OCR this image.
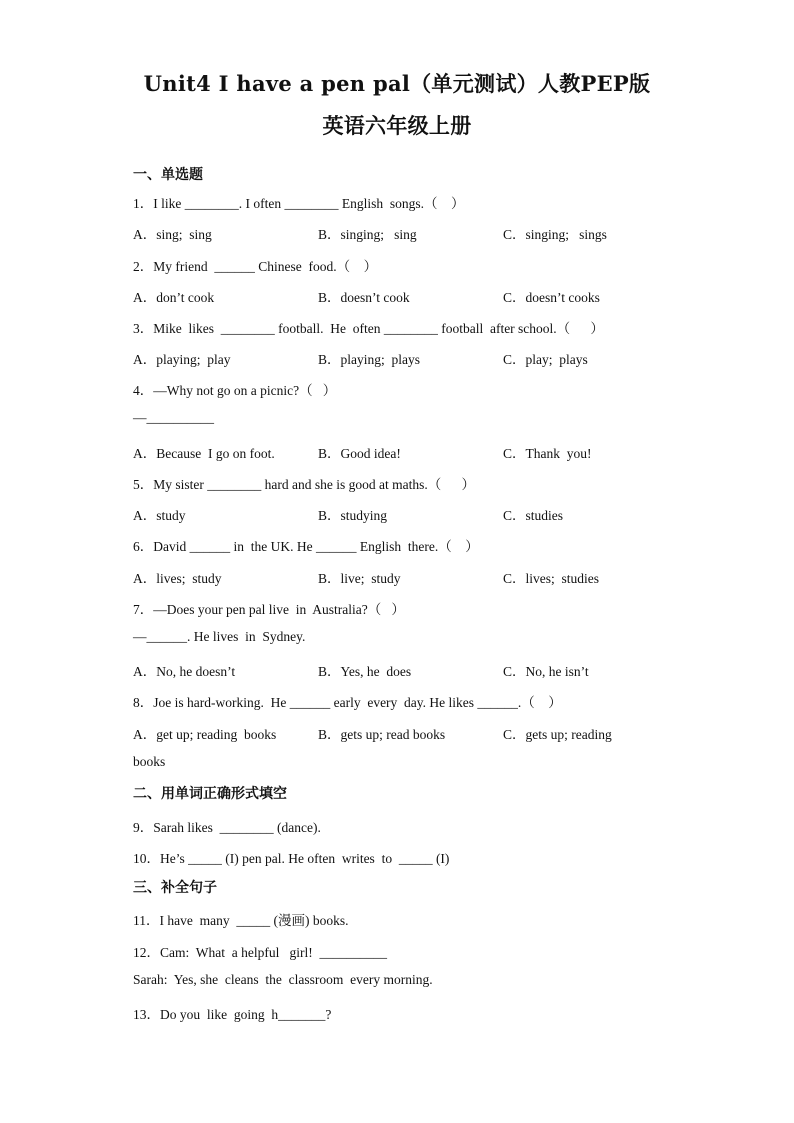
Unit4 I have a pen pal（单元测试）人教PEP版
英语六年级上册
一、单选题
1．I like ________. I often ________ English  songs.（    ）
A．sing;  sing	B．singing;   sing	C．singing;   sings
2．My friend  ______ Chinese  food.（    ）
A．don’t cook	B．doesn’t cook	C．doesn’t cooks
3．Mike  likes  ________ football.  He  often ________ football  after school.（      ）
A．playing;  play	B．playing;  plays	C．play;  plays
4．—Why not go on a picnic?（   ）
—__________
A．Because  I go on foot.	B．Good idea!	C．Thank  you!
5．My sister ________ hard and she is good at maths.（      ）
A．study	B．studying	C．studies
6．David ______ in  the UK. He ______ English  there.（    ）
A．lives;  study	B．live;  study	C．lives;  studies
7．—Does your pen pal live  in  Australia?（   ）
—______. He lives  in  Sydney.
A．No, he doesn’t	B．Yes, he  does	C．No, he isn’t
8．Joe is hard-working.  He ______ early  every  day. He likes ______.（    ）
A．get up; reading  books	B．gets up; read books	C．gets up; reading
books
二、用单词正确形式填空
9．Sarah likes  ________ (dance).
10．He’s _____ (I) pen pal. He often  writes  to  _____ (I)
三、补全句子
11．I have  many  _____ (漫画) books.
12．Cam:  What  a helpful   girl!  __________
Sarah:  Yes, she  cleans  the  classroom  every morning.
13．Do you  like  going  h_______?
